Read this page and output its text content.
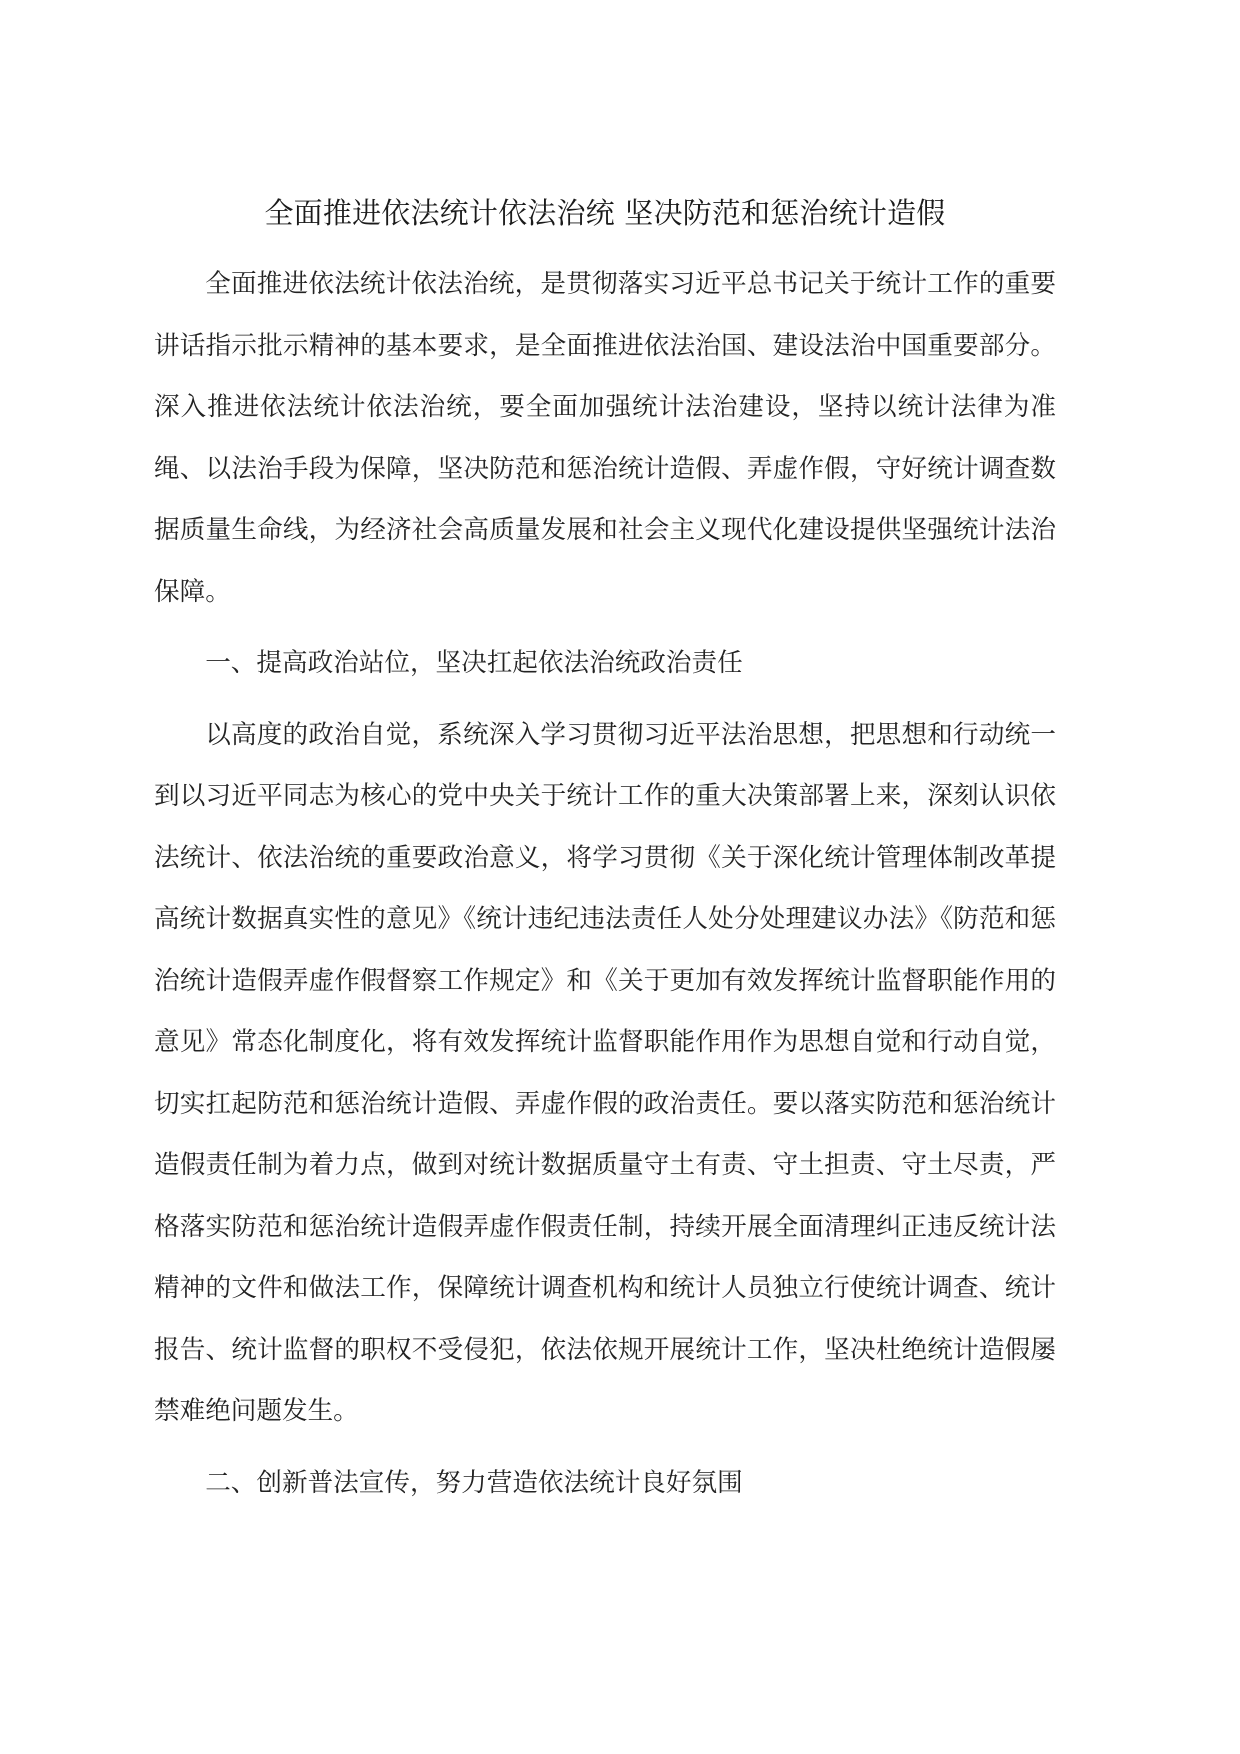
全面推进依法统计依法治统 坚决防范和惩治统计造假

全面推进依法统计依法治统，是贯彻落实习近平总书记关于统计工作的重要讲话指示批示精神的基本要求，是全面推进依法治国、建设法治中国重要部分。深入推进依法统计依法治统，要全面加强统计法治建设，坚持以统计法律为准绳、以法治手段为保障，坚决防范和惩治统计造假、弄虚作假，守好统计调查数据质量生命线，为经济社会高质量发展和社会主义现代化建设提供坚强统计法治保障。

一、提高政治站位，坚决扛起依法治统政治责任

以高度的政治自觉，系统深入学习贯彻习近平法治思想，把思想和行动统一到以习近平同志为核心的党中央关于统计工作的重大决策部署上来，深刻认识依法统计、依法治统的重要政治意义，将学习贯彻《关于深化统计管理体制改革提高统计数据真实性的意见》《统计违纪违法责任人处分处理建议办法》《防范和惩治统计造假弄虚作假督察工作规定》和《关于更加有效发挥统计监督职能作用的意见》常态化制度化，将有效发挥统计监督职能作用作为思想自觉和行动自觉，切实扛起防范和惩治统计造假、弄虚作假的政治责任。要以落实防范和惩治统计造假责任制为着力点，做到对统计数据质量守土有责、守土担责、守土尽责，严格落实防范和惩治统计造假弄虚作假责任制，持续开展全面清理纠正违反统计法精神的文件和做法工作，保障统计调查机构和统计人员独立行使统计调查、统计报告、统计监督的职权不受侵犯，依法依规开展统计工作，坚决杜绝统计造假屡禁难绝问题发生。

二、创新普法宣传，努力营造依法统计良好氛围
